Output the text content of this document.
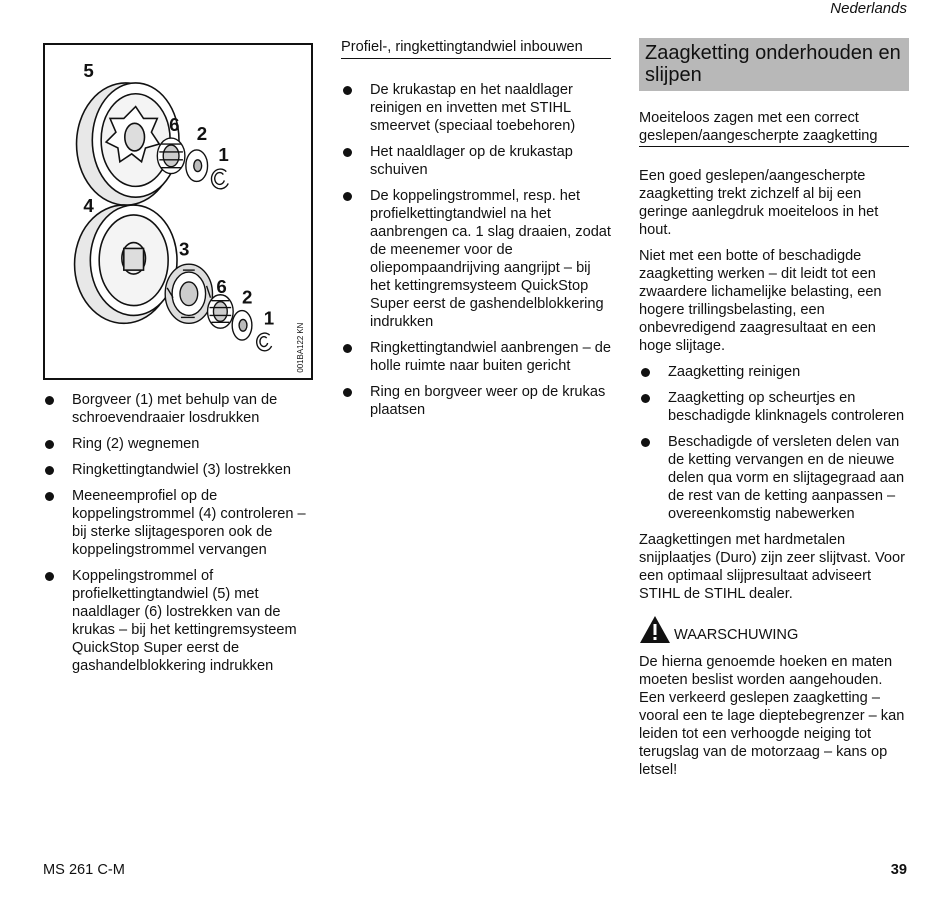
Nederlands
5
6 2
1
4
3
6
2
1
001BA122 KN
Borgveer (1) met behulp van de schroevendraaier losdrukken
Ring (2) wegnemen
Ringkettingtandwiel (3) lostrekken
Meeneemprofiel op de koppelingstrommel (4) controleren – bij sterke slijtagesporen ook de koppelingstrommel vervangen
Koppelingstrommel of profielkettingtandwiel (5) met naaldlager (6) lostrekken van de krukas – bij het kettingremsysteem QuickStop Super eerst de gashandelblokkering indrukken
Profiel-, ringkettingtandwiel inbouwen
De krukastap en het naaldlager reinigen en invetten met STIHL smeervet (speciaal toebehoren)
Het naaldlager op de krukastap schuiven
De koppelingstrommel, resp. het profielkettingtandwiel na het aanbrengen ca. 1 slag draaien, zodat de meenemer voor de oliepompaandrijving aangrijpt – bij het kettingremsysteem QuickStop Super eerst de gashendelblokkering indrukken
Ringkettingtandwiel aanbrengen – de holle ruimte naar buiten gericht
Ring en borgveer weer op de krukas plaatsen
Zaagketting onderhouden en slijpen
Moeiteloos zagen met een correct geslepen/aangescherpte zaagketting

Een goed geslepen/aangescherpte zaagketting trekt zichzelf al bij een geringe aanlegdruk moeiteloos in het hout.

Niet met een botte of beschadigde zaagketting werken – dit leidt tot een zwaardere lichamelijke belasting, een hogere trillingsbelasting, een onbevredigend zaagresultaat en een hoge slijtage.

Zaagketting reinigen
Zaagketting op scheurtjes en beschadigde klinknagels controleren
Beschadigde of versleten delen van de ketting vervangen en de nieuwe delen qua vorm en slijtagegraad aan de rest van de ketting aanpassen – overeenkomstig nabewerken

Zaagkettingen met hardmetalen snijplaatjes (Duro) zijn zeer slijtvast. Voor een optimaal slijpresultaat adviseert STIHL de STIHL dealer.

WAARSCHUWING

De hierna genoemde hoeken en maten moeten beslist worden aangehouden. Een verkeerd geslepen zaagketting – vooral een te lage dieptebegrenzer – kan leiden tot een verhoogde neiging tot terugslag van de motorzaag – kans op letsel!

MS 261 C-M	39
